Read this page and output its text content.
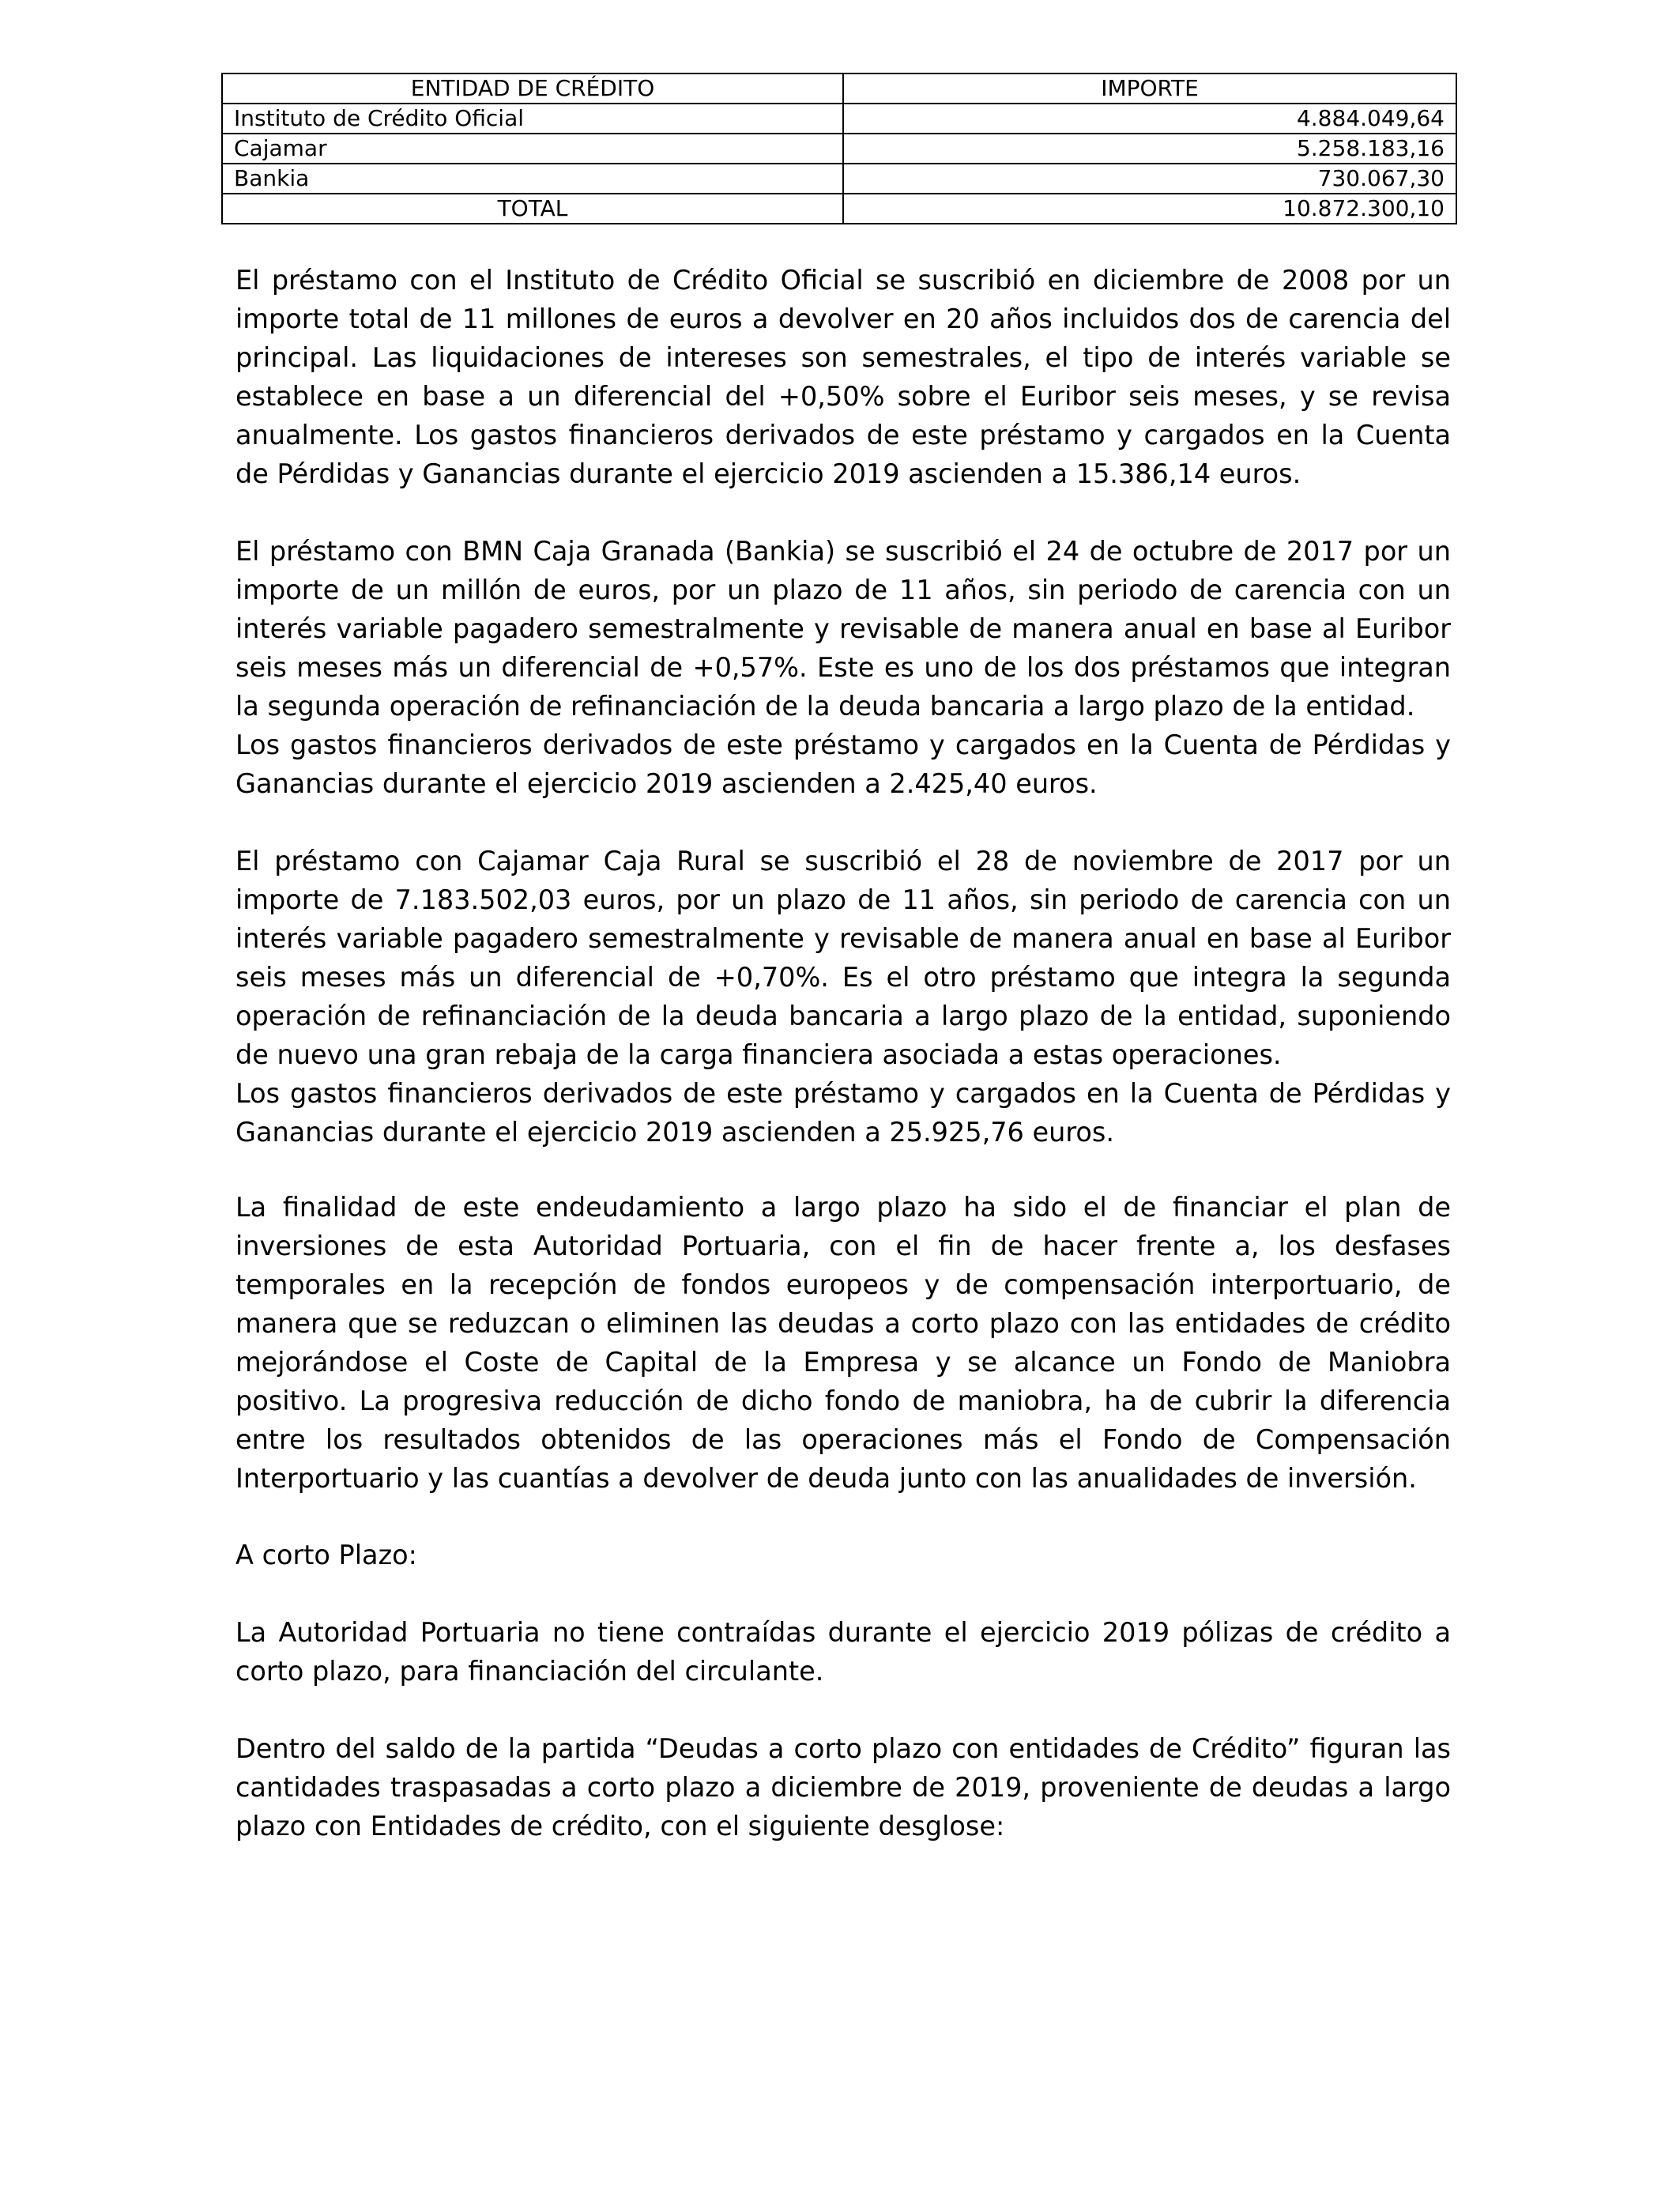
ENTIDAD DE CRÉDITO	IMPORTE
Instituto de Crédito Oficial	4.884.049,64
Cajamar	5.258.183,16
Bankia	730.067,30
TOTAL	10.872.300,10

El préstamo con el Instituto de Crédito Oficial se suscribió en diciembre de 2008 por un importe total de 11 millones de euros a devolver en 20 años incluidos dos de carencia del principal. Las liquidaciones de intereses son semestrales, el tipo de interés variable se establece en base a un diferencial del +0,50% sobre el Euribor seis meses, y se revisa anualmente. Los gastos financieros derivados de este préstamo y cargados en la Cuenta de Pérdidas y Ganancias durante el ejercicio 2019 ascienden a 15.386,14 euros.

El préstamo con BMN Caja Granada (Bankia) se suscribió el 24 de octubre de 2017 por un importe de un millón de euros, por un plazo de 11 años, sin periodo de carencia con un interés variable pagadero semestralmente y revisable de manera anual en base al Euribor seis meses más un diferencial de +0,57%. Este es uno de los dos préstamos que integran la segunda operación de refinanciación de la deuda bancaria a largo plazo de la entidad.

Los gastos financieros derivados de este préstamo y cargados en la Cuenta de Pérdidas y Ganancias durante el ejercicio 2019 ascienden a 2.425,40 euros.

El préstamo con Cajamar Caja Rural se suscribió el 28 de noviembre de 2017 por un importe de 7.183.502,03 euros, por un plazo de 11 años, sin periodo de carencia con un interés variable pagadero semestralmente y revisable de manera anual en base al Euribor seis meses más un diferencial de +0,70%. Es el otro préstamo que integra la segunda operación de refinanciación de la deuda bancaria a largo plazo de la entidad, suponiendo de nuevo una gran rebaja de la carga financiera asociada a estas operaciones.

Los gastos financieros derivados de este préstamo y cargados en la Cuenta de Pérdidas y Ganancias durante el ejercicio 2019 ascienden a 25.925,76 euros.

La finalidad de este endeudamiento a largo plazo ha sido el de financiar el plan de inversiones de esta Autoridad Portuaria, con el fin de hacer frente a, los desfases temporales en la recepción de fondos europeos y de compensación interportuario, de manera que se reduzcan o eliminen las deudas a corto plazo con las entidades de crédito mejorándose el Coste de Capital de la Empresa y se alcance un Fondo de Maniobra positivo. La progresiva reducción de dicho fondo de maniobra, ha de cubrir la diferencia entre los resultados obtenidos de las operaciones más el Fondo de Compensación Interportuario y las cuantías a devolver de deuda junto con las anualidades de inversión.

A corto Plazo:

La Autoridad Portuaria no tiene contraídas durante el ejercicio 2019 pólizas de crédito a corto plazo, para financiación del circulante.

Dentro del saldo de la partida “Deudas a corto plazo con entidades de Crédito” figuran las cantidades traspasadas a corto plazo a diciembre de 2019, proveniente de deudas a largo plazo con Entidades de crédito, con el siguiente desglose:
